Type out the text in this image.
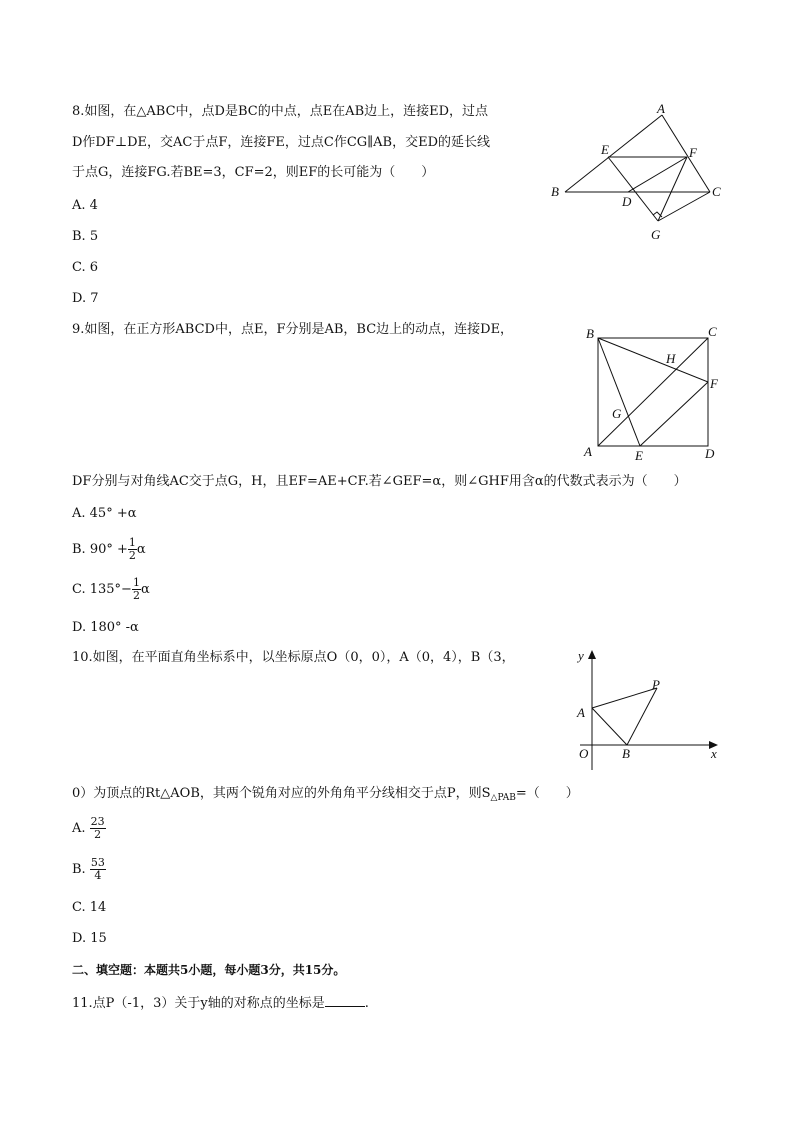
8.如图，在△ABC中，点D是BC的中点，点E在AB边上，连接ED，过点
D作DF⊥DE，交AC于点F，连接FE，过点C作CG∥AB，交ED的延长线
于点G，连接FG.若BE=3，CF=2，则EF的长可能为（　　）
A. 4
B. 5
C. 6
D. 7
A
B	C
D
E	F
G
9.如图，在正方形ABCD中，点E，F分别是AB，BC边上的动点，连接DE，	B	C
A	D
E
F
G
H
DF分别与对角线AC交于点G，H，且EF=AE+CF.若∠GEF=α，则∠GHF用含α的代数式表示为（　　）
A. 45° +α
B. $90^\circ + \frac{1}{2}$ α
C. $135^\circ- \frac{1}{2}$ α
D. 180° -α
10.如图，在平面直角坐标系中，以坐标原点O（0，0），A（0，4），B（3，	y
x
O
A
B
P
0）为顶点的Rt△AOB，其两个锐角对应的外角角平分线相交于点P，则$S_{\triangle PAB}=$（　　）
A. $\frac{23}{2}$
B. $\frac{53}{4}$
C. 14
D. 15
二、填空题：本题共5小题，每小题3分，共15分。
11.点P（-1，3）关于y轴的对称点的坐标是	.
